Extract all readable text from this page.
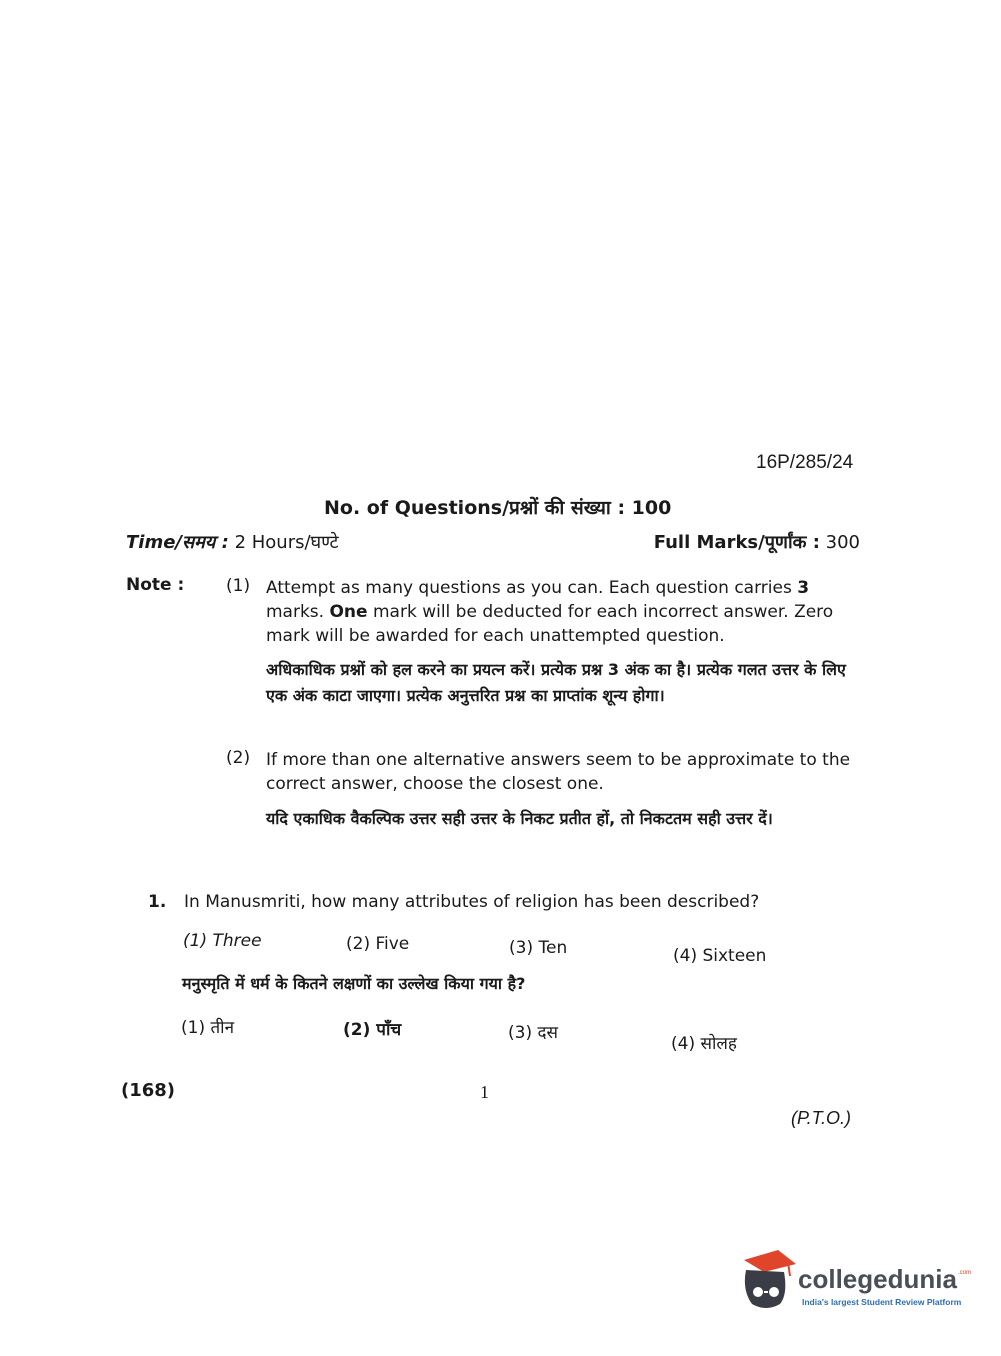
16P/285/24
No. of Questions/प्रश्नों की संख्या : 100
Time/समय : 2 Hours/घण्टे	Full Marks/पूर्णांक : 300
Note : (1) Attempt as many questions as you can. Each question carries 3 marks. One mark will be deducted for each incorrect answer. Zero mark will be awarded for each unattempted question.
अधिकाधिक प्रश्नों को हल करने का प्रयत्न करें। प्रत्येक प्रश्न 3 अंक का है। प्रत्येक गलत उत्तर के लिए एक अंक काटा जाएगा। प्रत्येक अनुत्तरित प्रश्न का प्राप्तांक शून्य होगा।
(2) If more than one alternative answers seem to be approximate to the correct answer, choose the closest one.
यदि एकाधिक वैकल्पिक उत्तर सही उत्तर के निकट प्रतीत हों, तो निकटतम सही उत्तर दें।
1. In Manusmriti, how many attributes of religion has been described?
(1) Three	(2) Five	(3) Ten	(4) Sixteen
मनुस्मृति में धर्म के कितने लक्षणों का उल्लेख किया गया है?
(1) तीन	(2) पाँच	(3) दस
(4) सोलह
(168)	1
(P.T.O.)
collegedunia .com
India's largest Student Review Platform
